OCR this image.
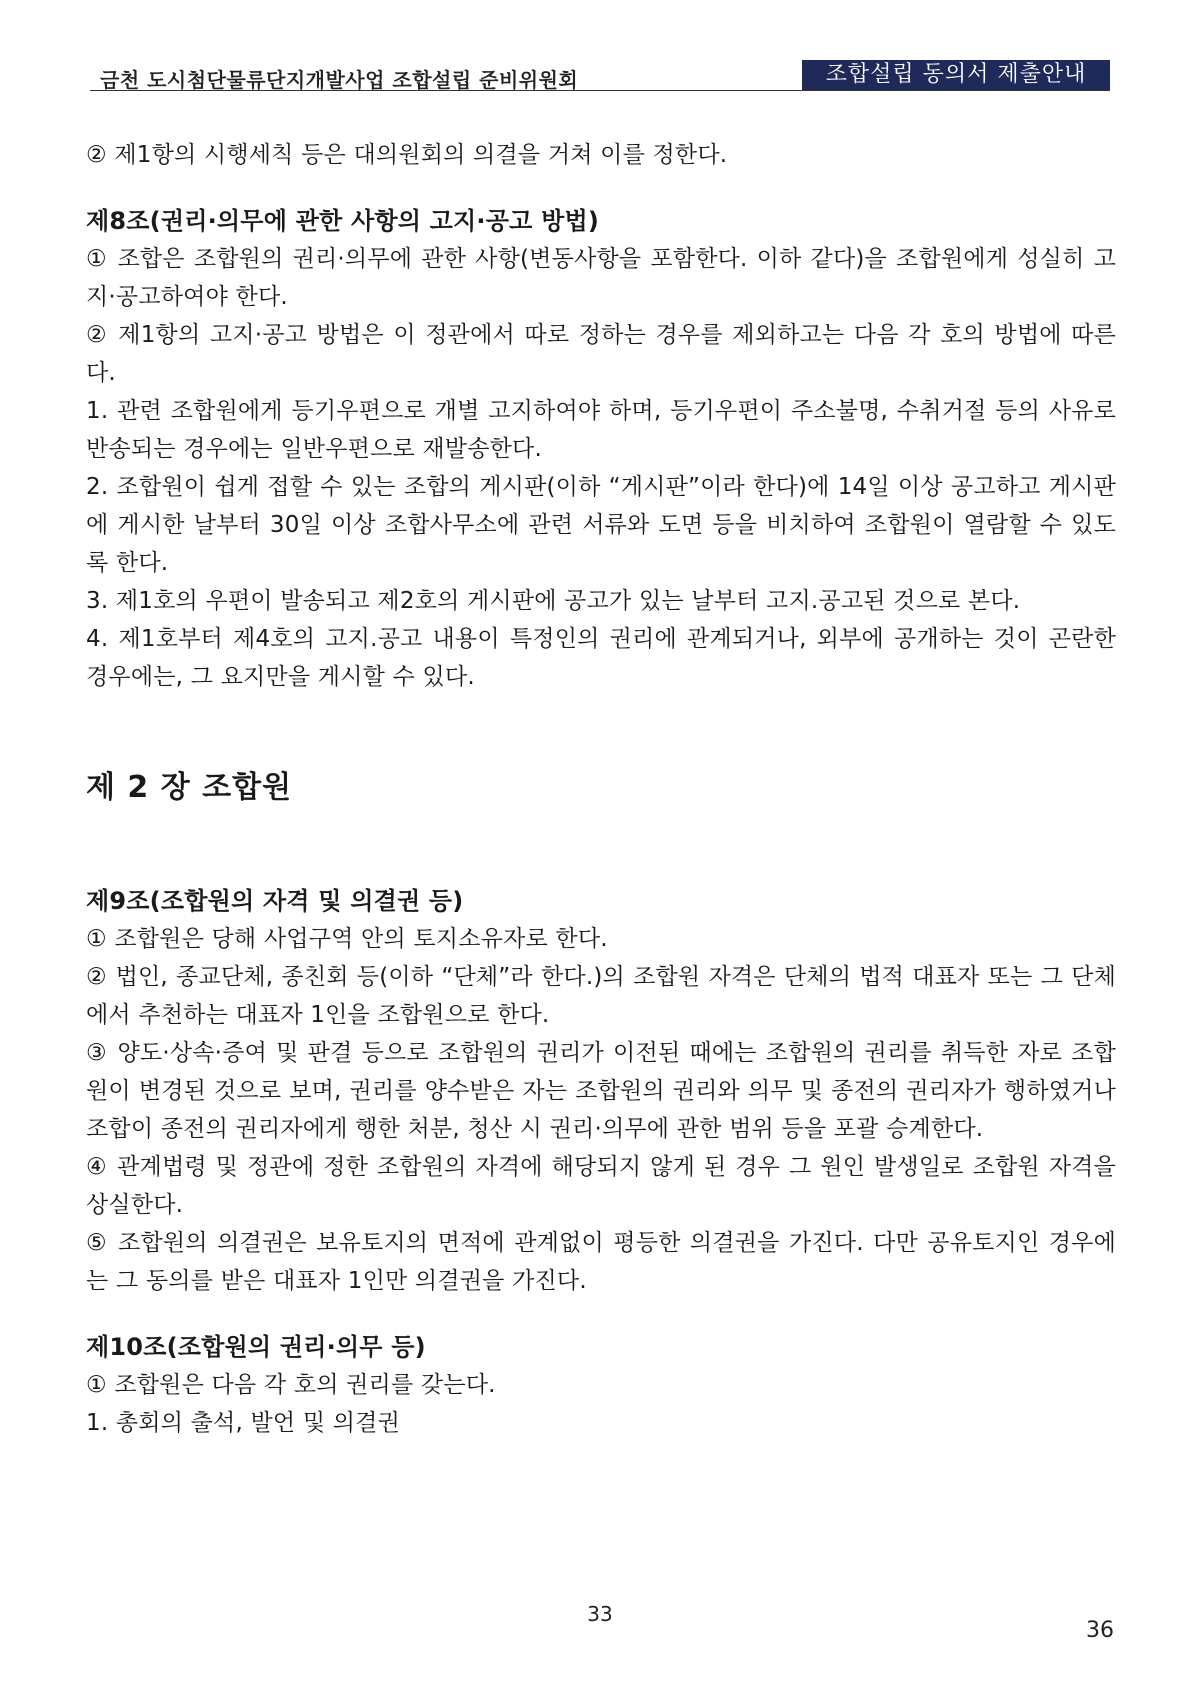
금천 도시첨단물류단지개발사업 조합설립 준비위원회	조합설립 동의서 제출안내

② 제1항의 시행세칙 등은 대의원회의 의결을 거쳐 이를 정한다.

제8조(권리·의무에 관한 사항의 고지·공고 방법)

① 조합은 조합원의 권리·의무에 관한 사항(변동사항을 포함한다. 이하 같다)을 조합원에게 성실히 고지·공고하여야 한다.

② 제1항의 고지·공고 방법은 이 정관에서 따로 정하는 경우를 제외하고는 다음 각 호의 방법에 따른다.

1. 관련 조합원에게 등기우편으로 개별 고지하여야 하며, 등기우편이 주소불명, 수취거절 등의 사유로 반송되는 경우에는 일반우편으로 재발송한다.

2. 조합원이 쉽게 접할 수 있는 조합의 게시판(이하 “게시판”이라 한다)에 14일 이상 공고하고 게시판에 게시한 날부터 30일 이상 조합사무소에 관련 서류와 도면 등을 비치하여 조합원이 열람할 수 있도록 한다.

3. 제1호의 우편이 발송되고 제2호의 게시판에 공고가 있는 날부터 고지.공고된 것으로 본다.

4. 제1호부터 제4호의 고지.공고 내용이 특정인의 권리에 관계되거나, 외부에 공개하는 것이 곤란한 경우에는, 그 요지만을 게시할 수 있다.

제 2 장 조합원

제9조(조합원의 자격 및 의결권 등)

① 조합원은 당해 사업구역 안의 토지소유자로 한다.

② 법인, 종교단체, 종친회 등(이하 “단체”라 한다.)의 조합원 자격은 단체의 법적 대표자 또는 그 단체에서 추천하는 대표자 1인을 조합원으로 한다.

③ 양도·상속·증여 및 판결 등으로 조합원의 권리가 이전된 때에는 조합원의 권리를 취득한 자로 조합원이 변경된 것으로 보며, 권리를 양수받은 자는 조합원의 권리와 의무 및 종전의 권리자가 행하였거나 조합이 종전의 권리자에게 행한 처분, 청산 시 권리·의무에 관한 범위 등을 포괄 승계한다.

④ 관계법령 및 정관에 정한 조합원의 자격에 해당되지 않게 된 경우 그 원인 발생일로 조합원 자격을 상실한다.

⑤ 조합원의 의결권은 보유토지의 면적에 관계없이 평등한 의결권을 가진다. 다만 공유토지인 경우에는 그 동의를 받은 대표자 1인만 의결권을 가진다.

제10조(조합원의 권리·의무 등)

① 조합원은 다음 각 호의 권리를 갖는다.

1. 총회의 출석, 발언 및 의결권

33
36
